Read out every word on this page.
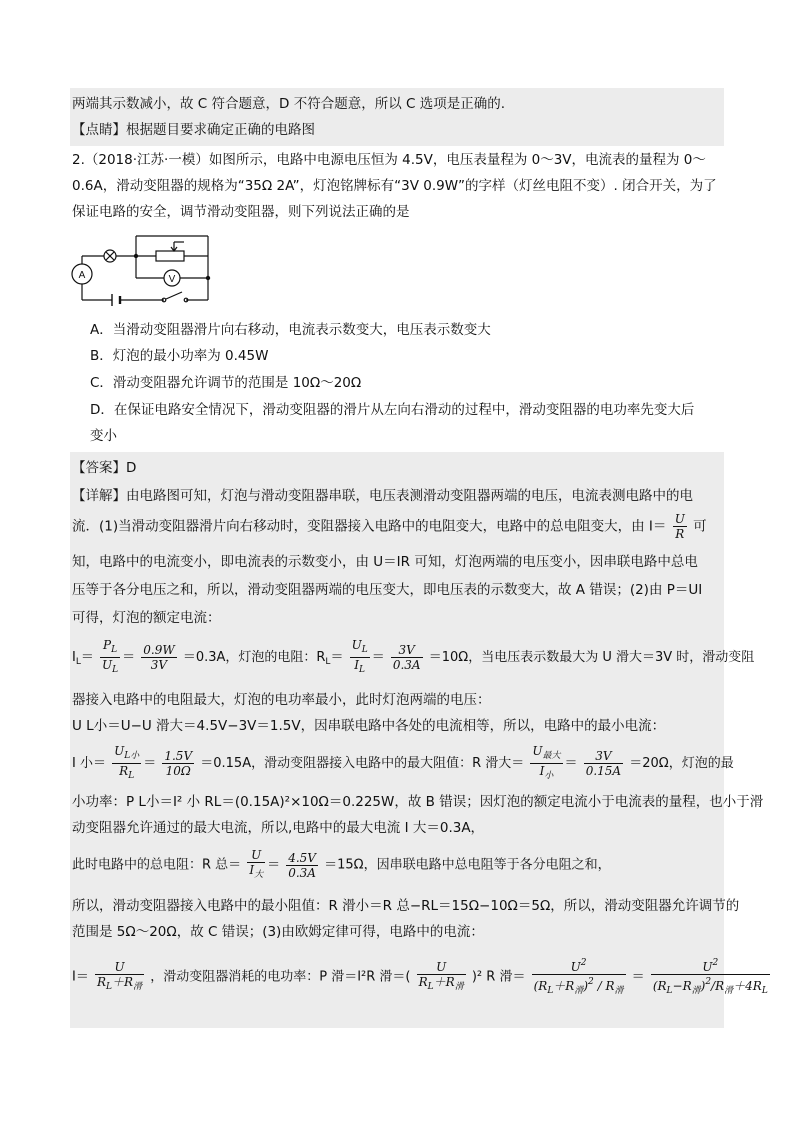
两端其示数减小，故 C 符合题意，D 不符合题意，所以 C 选项是正确的.
【点睛】根据题目要求确定正确的电路图
2.（2018·江苏·一模）如图所示，电路中电源电压恒为 4.5V，电压表量程为 0～3V，电流表的量程为 0～
0.6A，滑动变阻器的规格为“35Ω 2A”，灯泡铭牌标有“3V 0.9W”的字样（灯丝电阻不变）. 闭合开关，为了
保证电路的安全，调节滑动变阻器，则下列说法正确的是
A	V
A．当滑动变阻器滑片向右移动，电流表示数变大，电压表示数变大
B．灯泡的最小功率为 0.45W
C．滑动变阻器允许调节的范围是 10Ω～20Ω
D．在保证电路安全情况下，滑动变阻器的滑片从左向右滑动的过程中，滑动变阻器的电功率先变大后
变小
【答案】D
【详解】由电路图可知，灯泡与滑动变阻器串联，电压表测滑动变阻器两端的电压，电流表测电路中的电
流．(1)当滑动变阻器滑片向右移动时，变阻器接入电路中的电阻变大，电路中的总电阻变大，由 $I= \frac{U}{R}$ 可
知，电路中的电流变小，即电流表的示数变小，由 U＝IR 可知，灯泡两端的电压变小，因串联电路中总电
压等于各分电压之和，所以，滑动变阻器两端的电压变大，即电压表的示数变大，故 A 错误；(2)由 P＝UI
可得，灯泡的额定电流：
$I_L= \frac{P_L}{U_L} = \frac{0.9W}{3V} =0.3A$，灯泡的电阻：$R_L= \frac{U_L}{I_L} = \frac{3V}{0.3A} =10\Omega$，当电压表示数最大为 U 滑大＝3V 时，滑动变阻
器接入电路中的电阻最大，灯泡的电功率最小，此时灯泡两端的电压：
U L小＝U−U 滑大＝4.5V−3V＝1.5V，因串联电路中各处的电流相等，所以，电路中的最小电流：
I 小＝ $\frac{U_{L小}}{R_L} = \frac{1.5V}{10\Omega} =0.15A$，滑动变阻器接入电路中的最大阻值：R 滑大＝ $\frac{U_{最大}}{I_小} = \frac{3V}{0.15A} =20\Omega$，灯泡的最
小功率：P L小＝I² 小 RL＝(0.15A)²×10Ω＝0.225W，故 B 错误；因灯泡的额定电流小于电流表的量程，也小于滑
动变阻器允许通过的最大电流，所以,电路中的最大电流 I 大＝0.3A，
此时电路中的总电阻：R 总＝ $\frac{U}{I_大} = \frac{4.5V}{0.3A} =15\Omega$，因串联电路中总电阻等于各分电阻之和，
所以，滑动变阻器接入电路中的最小阻值：R 滑小＝R 总−RL＝15Ω−10Ω＝5Ω，所以，滑动变阻器允许调节的
范围是 5Ω～20Ω，故 C 错误；(3)由欧姆定律可得，电路中的电流：
$I= \frac{U}{R_L+R_滑}$ ，滑动变阻器消耗的电功率：P 滑＝I²R 滑＝( $\frac{U}{R_L+R_滑} )^2$ R 滑＝ $\frac{U^2}{(R_L+R_滑)^2 / R_滑} = \frac{U^2}{(R_L-R_滑)^2/R_滑+4R_L}$
